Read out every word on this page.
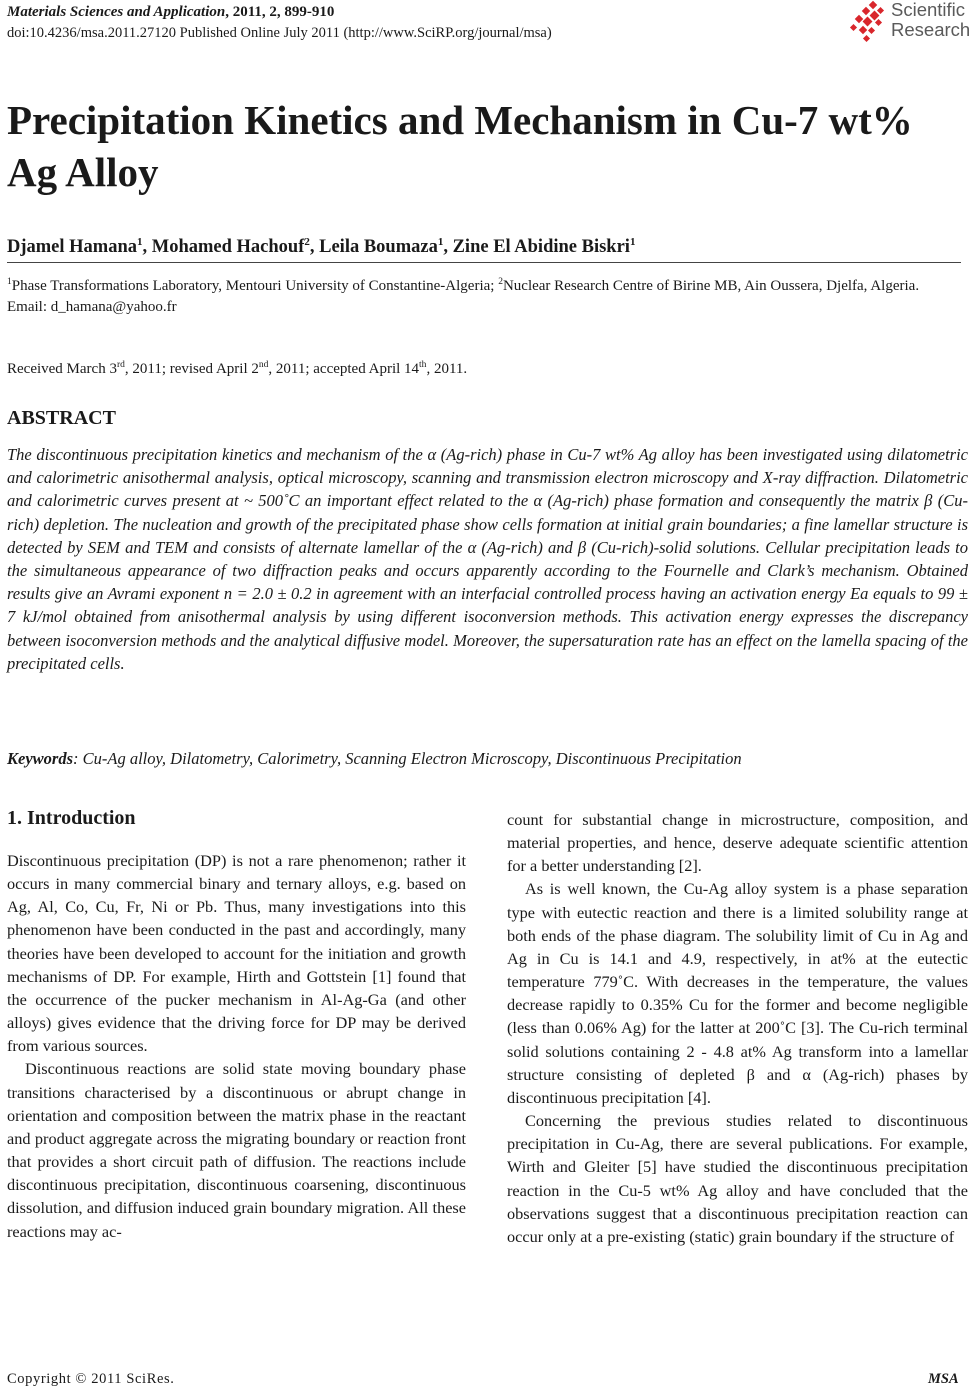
Materials Sciences and Application, 2011, 2, 899-910
doi:10.4236/msa.2011.27120 Published Online July 2011 (http://www.SciRP.org/journal/msa)
Scientific
Research
Precipitation Kinetics and Mechanism in Cu-7 wt% Ag Alloy
Djamel Hamana$^1$, Mohamed Hachouf$^2$, Leila Boumaza$^1$, Zine El Abidine Biskri$^1$
$^1$Phase Transformations Laboratory, Mentouri University of Constantine-Algeria; $^2$Nuclear Research Centre of Birine MB, Ain Oussera, Djelfa, Algeria.
Email: d_hamana@yahoo.fr
Received March 3rd, 2011; revised April 2nd, 2011; accepted April 14th, 2011.
ABSTRACT

The discontinuous precipitation kinetics and mechanism of the α (Ag-rich) phase in Cu-7 wt% Ag alloy has been investigated using dilatometric and calorimetric anisothermal analysis, optical microscopy, scanning and transmission electron microscopy and X-ray diffraction. Dilatometric and calorimetric curves present at ~ 500˚C an important effect related to the α (Ag-rich) phase formation and consequently the matrix β (Cu-rich) depletion. The nucleation and growth of the precipitated phase show cells formation at initial grain boundaries; a fine lamellar structure is detected by SEM and TEM and consists of alternate lamellar of the α (Ag-rich) and β (Cu-rich)-solid solutions. Cellular precipitation leads to the simultaneous appearance of two diffraction peaks and occurs apparently according to the Fournelle and Clark’s mechanism. Obtained results give an Avrami exponent n = 2.0 ± 0.2 in agreement with an interfacial controlled process having an activation energy Ea equals to 99 ± 7 kJ/mol obtained from anisothermal analysis by using different isoconversion methods. This activation energy expresses the discrepancy between isoconversion methods and the analytical diffusive model. Moreover, the supersaturation rate has an effect on the lamella spacing of the precipitated cells.

Keywords: Cu-Ag alloy, Dilatometry, Calorimetry, Scanning Electron Microscopy, Discontinuous Precipitation
1. Introduction

Discontinuous precipitation (DP) is not a rare phenomenon; rather it occurs in many commercial binary and ternary alloys, e.g. based on Ag, Al, Co, Cu, Fr, Ni or Pb. Thus, many investigations into this phenomenon have been conducted in the past and accordingly, many theories have been developed to account for the initiation and growth mechanisms of DP. For example, Hirth and Gottstein [1] found that the occurrence of the pucker mechanism in Al-Ag-Ga (and other alloys) gives evidence that the driving force for DP may be derived from various sources.

Discontinuous reactions are solid state moving boundary phase transitions characterised by a discontinuous or abrupt change in orientation and composition between the matrix phase in the reactant and product aggregate across the migrating boundary or reaction front that provides a short circuit path of diffusion. The reactions include discontinuous precipitation, discontinuous coarsening, discontinuous dissolution, and diffusion induced grain boundary migration. All these reactions may ac-

count for substantial change in microstructure, composition, and material properties, and hence, deserve adequate scientific attention for a better understanding [2].

As is well known, the Cu-Ag alloy system is a phase separation type with eutectic reaction and there is a limited solubility range at both ends of the phase diagram. The solubility limit of Cu in Ag and Ag in Cu is 14.1 and 4.9, respectively, in at% at the eutectic temperature 779˚C. With decreases in the temperature, the values decrease rapidly to 0.35% Cu for the former and become negligible (less than 0.06% Ag) for the latter at 200˚C [3]. The Cu-rich terminal solid solutions containing 2 - 4.8 at% Ag transform into a lamellar structure consisting of depleted β and α (Ag-rich) phases by discontinuous precipitation [4].

Concerning the previous studies related to discontinuous precipitation in Cu-Ag, there are several publications. For example, Wirth and Gleiter [5] have studied the discontinuous precipitation reaction in the Cu-5 wt% Ag alloy and have concluded that the observations suggest that a discontinuous precipitation reaction can occur only at a pre-existing (static) grain boundary if the structure of

Copyright © 2011 SciRes.	MSA
